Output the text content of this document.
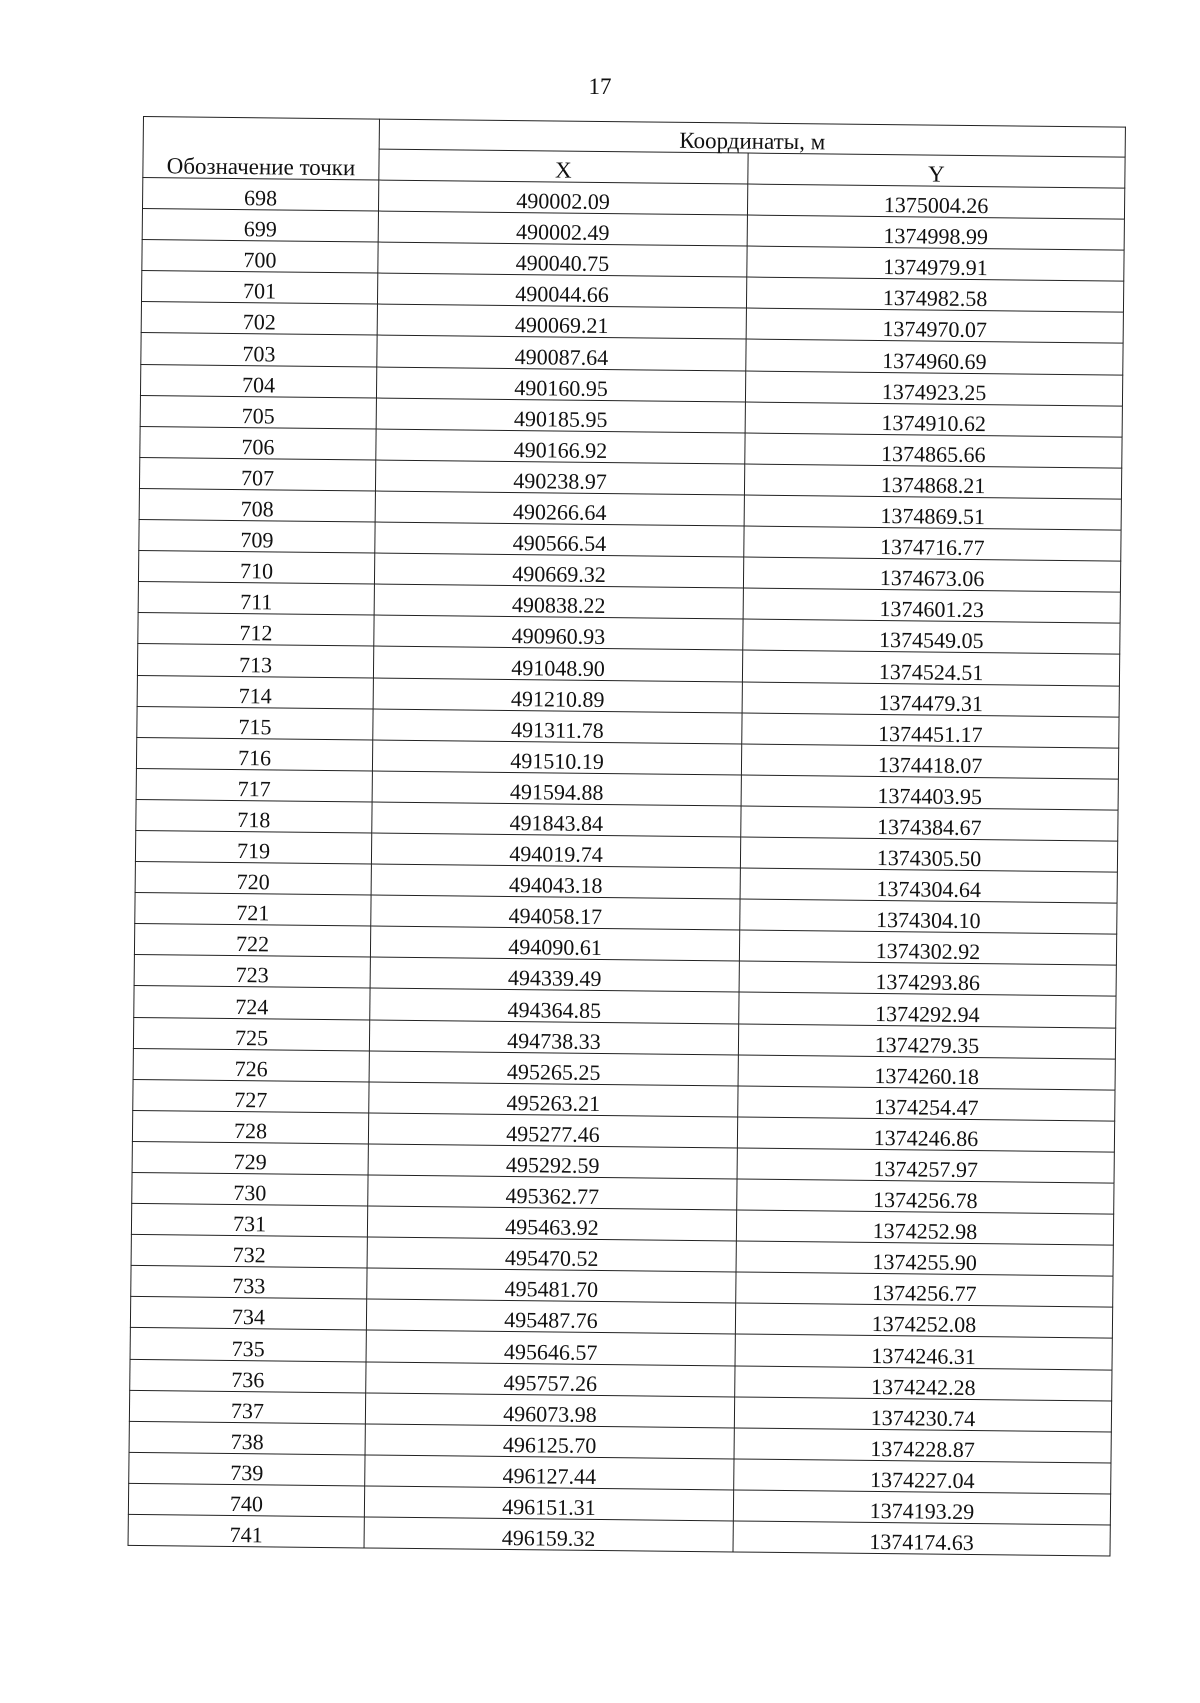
17
Обозначение точки	Координаты, м	
	X	Y
698	490002.09	1375004.26
699	490002.49	1374998.99
700	490040.75	1374979.91
701	490044.66	1374982.58
702	490069.21	1374970.07
703	490087.64	1374960.69
704	490160.95	1374923.25
705	490185.95	1374910.62
706	490166.92	1374865.66
707	490238.97	1374868.21
708	490266.64	1374869.51
709	490566.54	1374716.77
710	490669.32	1374673.06
711	490838.22	1374601.23
712	490960.93	1374549.05
713	491048.90	1374524.51
714	491210.89	1374479.31
715	491311.78	1374451.17
716	491510.19	1374418.07
717	491594.88	1374403.95
718	491843.84	1374384.67
719	494019.74	1374305.50
720	494043.18	1374304.64
721	494058.17	1374304.10
722	494090.61	1374302.92
723	494339.49	1374293.86
724	494364.85	1374292.94
725	494738.33	1374279.35
726	495265.25	1374260.18
727	495263.21	1374254.47
728	495277.46	1374246.86
729	495292.59	1374257.97
730	495362.77	1374256.78
731	495463.92	1374252.98
732	495470.52	1374255.90
733	495481.70	1374256.77
734	495487.76	1374252.08
735	495646.57	1374246.31
736	495757.26	1374242.28
737	496073.98	1374230.74
738	496125.70	1374228.87
739	496127.44	1374227.04
740	496151.31	1374193.29
741	496159.32	1374174.63
